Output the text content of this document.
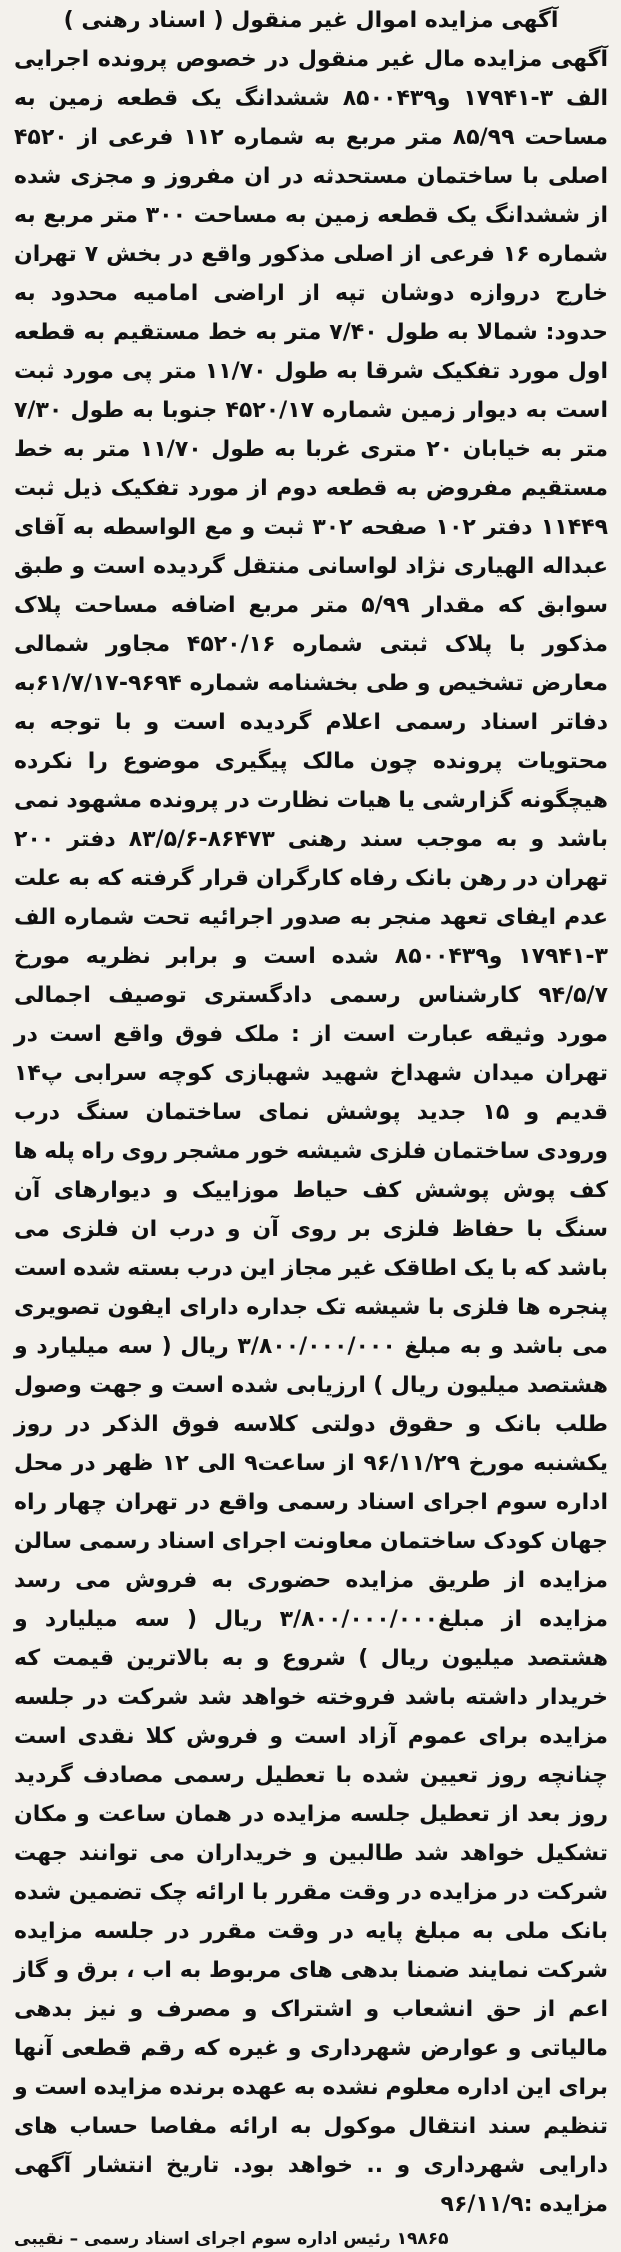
آگهی مزایده اموال غیر منقول ( اسناد رهنی )

آگهی مزایده مال غیر منقول در خصوص پرونده اجرایی الف ۳-۱۷۹۴۱ و۸۵۰۰۴۳۹ ششدانگ یک قطعه زمین به مساحت ۸۵/۹۹ متر مربع به شماره ۱۱۲ فرعی از ۴۵۲۰ اصلی با ساختمان مستحدثه در ان مفروز و مجزی شده از ششدانگ یک قطعه زمین به مساحت ۳۰۰ متر مربع به شماره ۱۶ فرعی از اصلی مذکور واقع در بخش ۷ تهران خارج دروازه دوشان تپه از اراضی امامیه محدود به حدود: شمالا به طول ۷/۴۰ متر به خط مستقیم به قطعه اول مورد تفکیک شرقا به طول ۱۱/۷۰ متر پی مورد ثبت است به دیوار زمین شماره ۴۵۲۰/۱۷ جنوبا به طول ۷/۳۰ متر به خیابان ۲۰ متری غربا به طول ۱۱/۷۰ متر به خط مستقیم مفروض به قطعه دوم از مورد تفکیک ذیل ثبت ۱۱۴۴۹ دفتر ۱۰۲ صفحه ۳۰۲ ثبت و مع الواسطه به آقای عبداله الهیاری نژاد لواسانی منتقل گردیده است و طبق سوابق که مقدار ۵/۹۹ متر مربع اضافه مساحت پلاک مذکور با پلاک ثبتی شماره ۴۵۲۰/۱۶ مجاور شمالی معارض تشخیص و طی بخشنامه شماره ۹۶۹۴-۶۱/۷/۱۷به دفاتر اسناد رسمی اعلام گردیده است و با توجه به محتویات پرونده چون مالک پیگیری موضوع را نکرده هیچگونه گزارشی یا هیات نظارت در پرونده مشهود نمی باشد و به موجب سند رهنی ۸۶۴۷۳-۸۳/۵/۶ دفتر ۲۰۰ تهران در رهن بانک رفاه کارگران قرار گرفته که به علت عدم ایفای تعهد منجر به صدور اجرائیه تحت شماره الف ۳-۱۷۹۴۱ و۸۵۰۰۴۳۹ شده است و برابر نظریه مورخ ۹۴/۵/۷ کارشناس رسمی دادگستری توصیف اجمالی مورد وثیقه عبارت است از : ملک فوق واقع است در تهران میدان شهداخ شهید شهبازی کوچه سرابی پ۱۴ قدیم و ۱۵ جدید پوشش نمای ساختمان سنگ درب ورودی ساختمان فلزی شیشه خور مشجر روی راه پله ها کف پوش پوشش کف حیاط موزاییک و دیوارهای آن سنگ با حفاظ فلزی بر روی آن و درب ان فلزی می باشد که با یک اطاقک غیر مجاز این درب بسته شده است پنجره ها فلزی با شیشه تک جداره دارای ایفون تصویری می باشد و به مبلغ ۳/۸۰۰/۰۰۰/۰۰۰ ریال ( سه میلیارد و هشتصد میلیون ریال ) ارزیابی شده است و جهت وصول طلب بانک و حقوق دولتی کلاسه فوق الذکر در روز یکشنبه مورخ ۹۶/۱۱/۲۹ از ساعت۹ الی ۱۲ ظهر در محل اداره سوم اجرای اسناد رسمی واقع در تهران چهار راه جهان کودک ساختمان معاونت اجرای اسناد رسمی سالن مزایده از طریق مزایده حضوری به فروش می رسد مزایده از مبلغ۳/۸۰۰/۰۰۰/۰۰۰ ریال ( سه میلیارد و هشتصد میلیون ریال ) شروع و به بالاترین قیمت که خریدار داشته باشد فروخته خواهد شد شرکت در جلسه مزایده برای عموم آزاد است و فروش کلا نقدی است چنانچه روز تعیین شده با تعطیل رسمی مصادف گردید روز بعد از تعطیل جلسه مزایده در همان ساعت و مکان تشکیل خواهد شد طالبین و خریداران می توانند جهت شرکت در مزایده در وقت مقرر با ارائه چک تضمین شده بانک ملی به مبلغ پایه در وقت مقرر در جلسه مزایده شرکت نمایند ضمنا بدهی های مربوط به اب ، برق و گاز اعم از حق انشعاب و اشتراک و مصرف و نیز بدهی مالیاتی و عوارض شهرداری و غیره که رقم قطعی آنها برای این اداره معلوم نشده به عهده برنده مزایده است و تنظیم سند انتقال موکول به ارائه مفاصا حساب های دارایی شهرداری و .. خواهد بود. تاریخ انتشار آگهی مزایده :۹۶/۱۱/۹

۱۹۸۶۵رئیس اداره سوم اجرای اسناد رسمی – نقیبی
